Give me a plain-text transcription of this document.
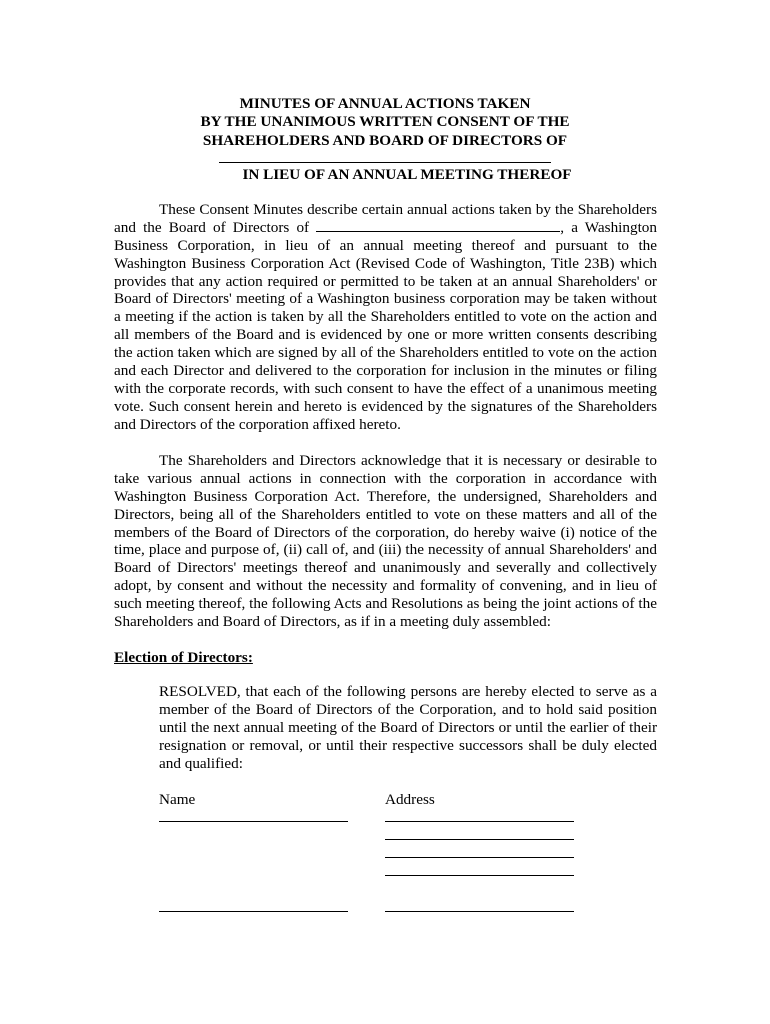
MINUTES OF ANNUAL ACTIONS TAKEN
BY THE UNANIMOUS WRITTEN CONSENT OF THE
SHAREHOLDERS AND BOARD OF DIRECTORS OF
IN LIEU OF AN ANNUAL MEETING THEREOF
These Consent Minutes describe certain annual actions taken by the Shareholders
and the Board of Directors of	, a Washington
Business Corporation, in lieu of an annual meeting thereof and pursuant to the
Washington Business Corporation Act (Revised Code of Washington, Title 23B) which
provides that any action required or permitted to be taken at an annual Shareholders' or
Board of Directors' meeting of a Washington business corporation may be taken without
a meeting if the action is taken by all the Shareholders entitled to vote on the action and
all members of the Board and is evidenced by one or more written consents describing
the action taken which are signed by all of the Shareholders entitled to vote on the action
and each Director and delivered to the corporation for inclusion in the minutes or filing
with the corporate records, with such consent to have the effect of a unanimous meeting
vote. Such consent herein and hereto is evidenced by the signatures of the Shareholders
and Directors of the corporation affixed hereto.
The Shareholders and Directors acknowledge that it is necessary or desirable to
take various annual actions in connection with the corporation in accordance with
Washington Business Corporation Act. Therefore, the undersigned, Shareholders and
Directors, being all of the Shareholders entitled to vote on these matters and all of the
members of the Board of Directors of the corporation, do hereby waive (i) notice of the
time, place and purpose of, (ii) call of, and (iii) the necessity of annual Shareholders' and
Board of Directors' meetings thereof and unanimously and severally and collectively
adopt, by consent and without the necessity and formality of convening, and in lieu of
such meeting thereof, the following Acts and Resolutions as being the joint actions of the
Shareholders and Board of Directors, as if in a meeting duly assembled:
Election of Directors:
RESOLVED, that each of the following persons are hereby elected to serve as a
member of the Board of Directors of the Corporation, and to hold said position
until the next annual meeting of the Board of Directors or until the earlier of their
resignation or removal, or until their respective successors shall be duly elected
and qualified:
Name	Address
